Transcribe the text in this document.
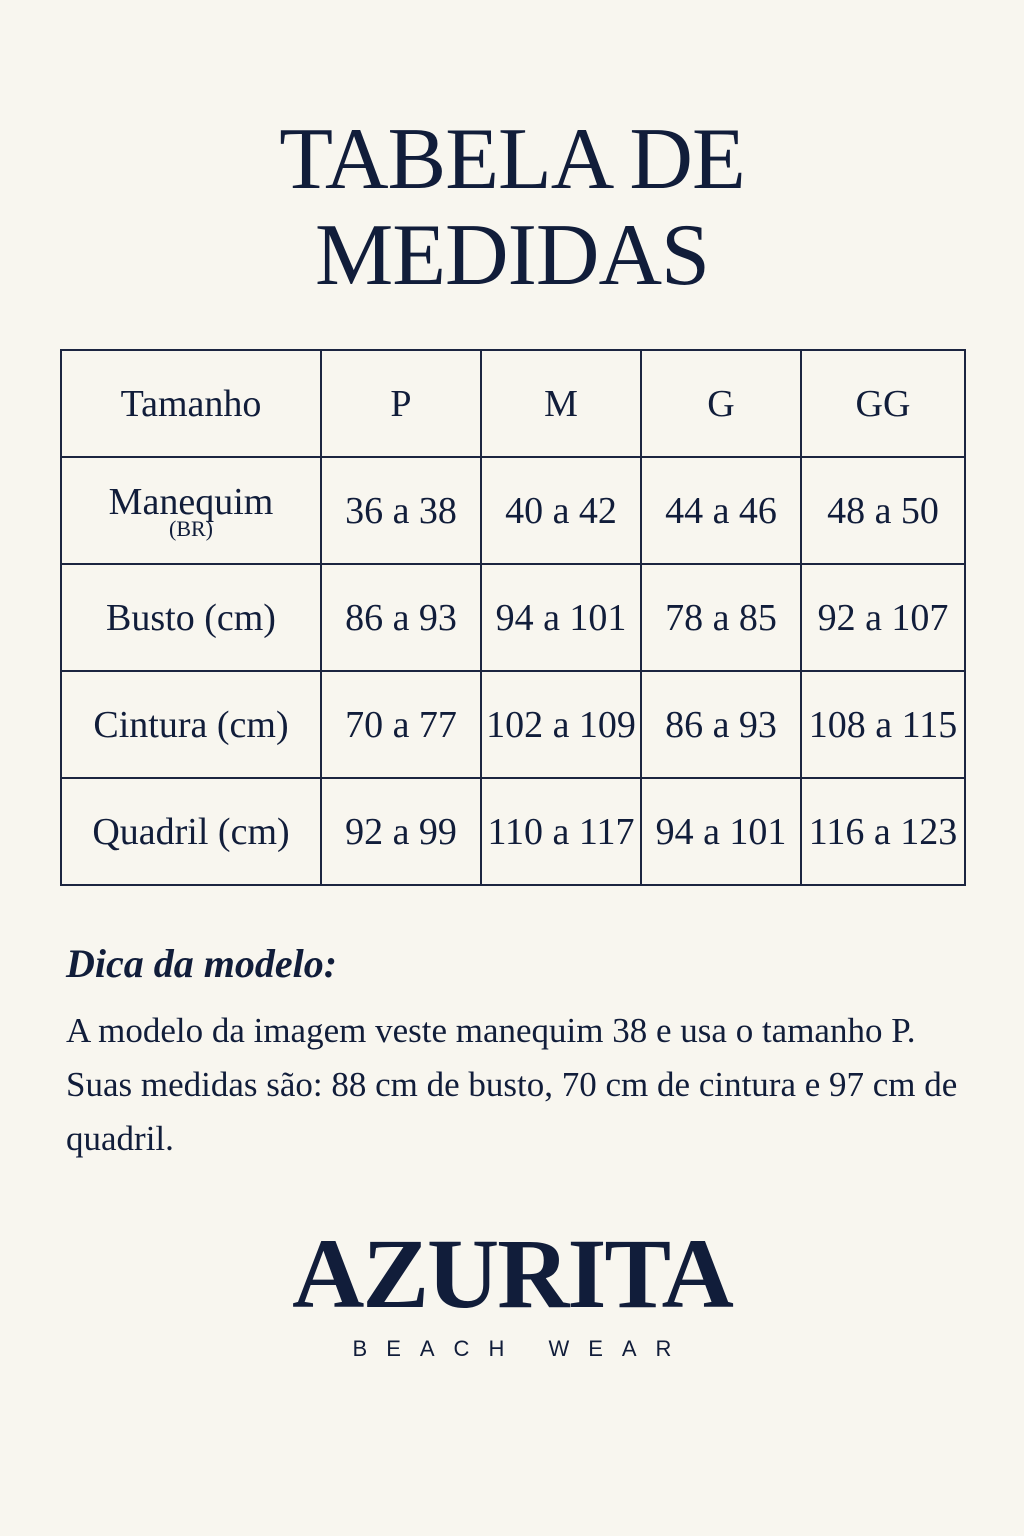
TABELA DE
MEDIDAS
Tamanho	P	M	G	GG

Manequim
(BR)	36 a 38	40 a 42	44 a 46	48 a 50
Busto (cm)	86 a 93	94 a 101	78 a 85	92 a 107
Cintura (cm)	70 a 77	102 a 109	86 a 93	108 a 115
Quadril (cm)	92 a 99	110 a 117	94 a 101	116 a 123
Dica da modelo:

A modelo da imagem veste manequim 38 e usa o tamanho P. Suas medidas são: 88 cm de busto, 70 cm de cintura e 97 cm de quadril.

AZURITA
BEACH WEAR
